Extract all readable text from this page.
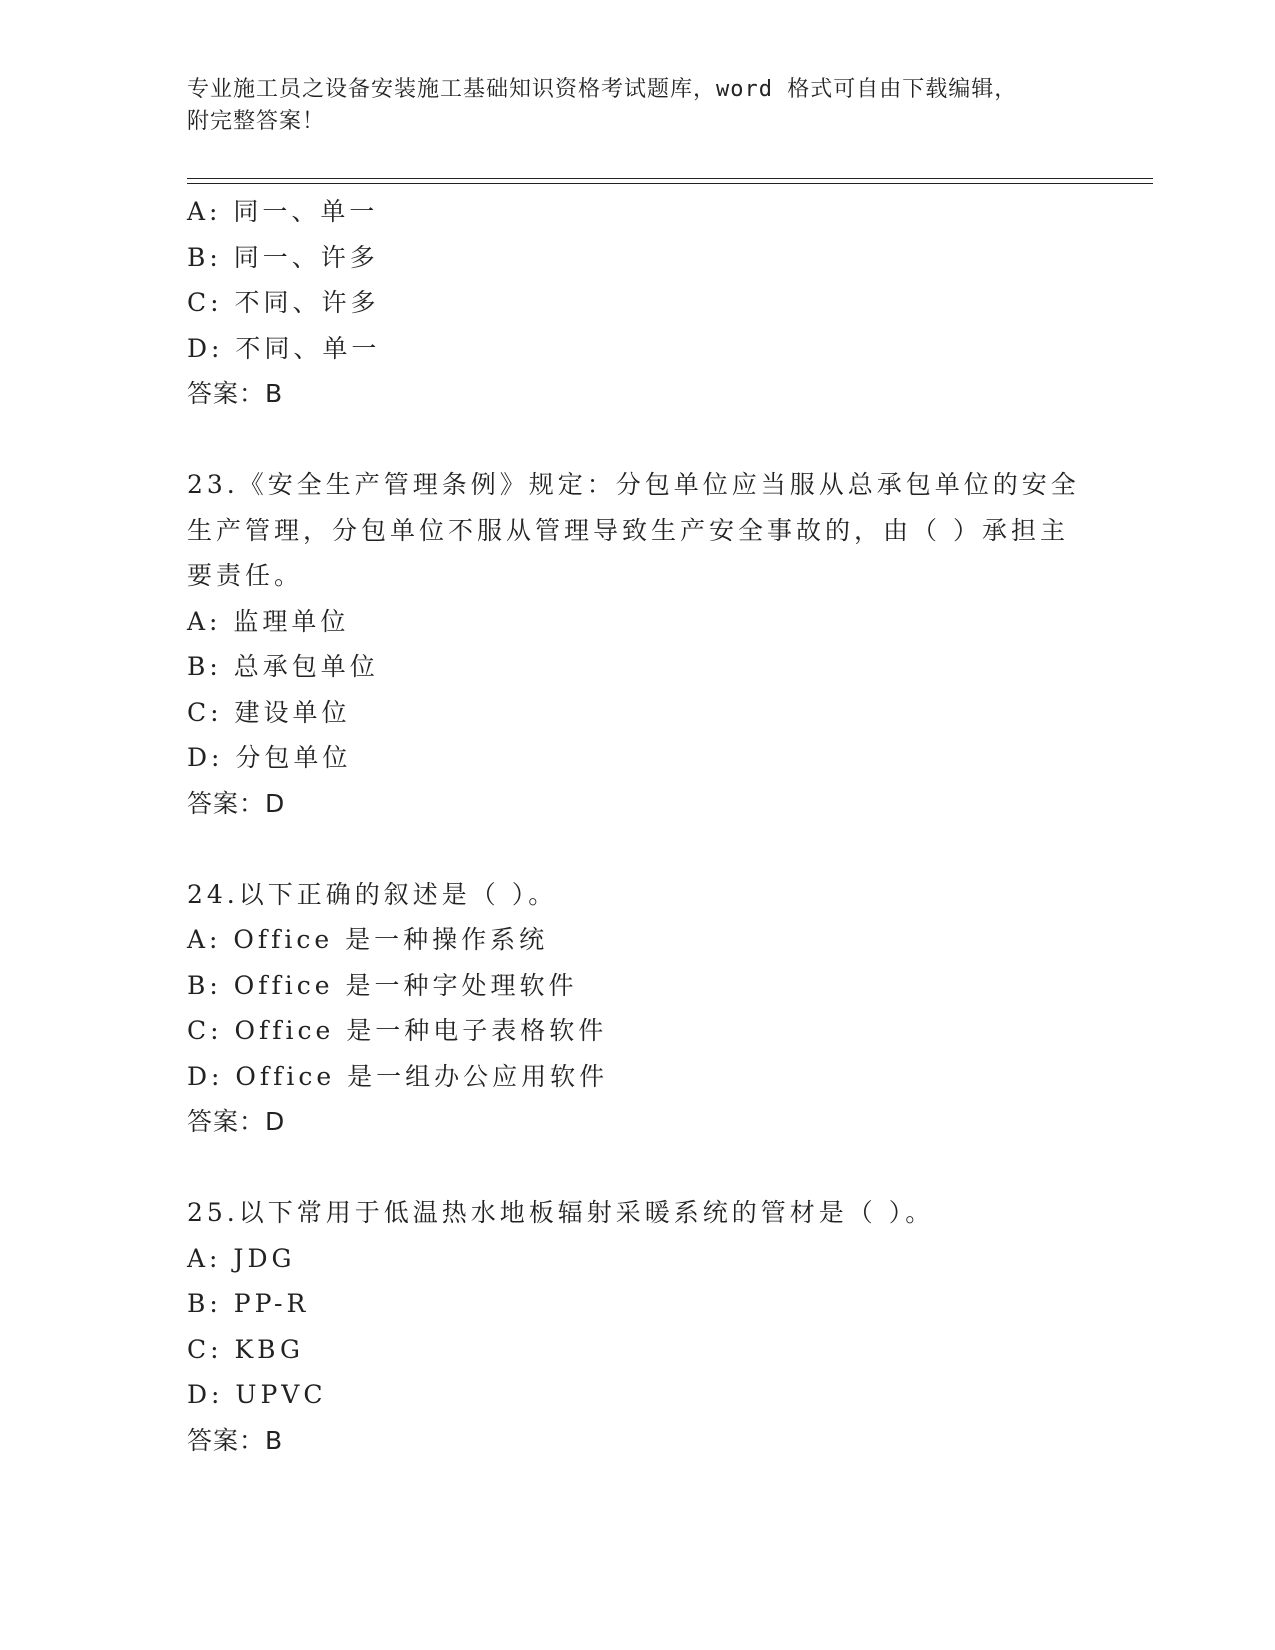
专业施工员之设备安装施工基础知识资格考试题库，word 格式可自由下载编辑，
附完整答案！
A: 同一、单一
B: 同一、许多
C: 不同、许多
D: 不同、单一
答案：B
23.《安全生产管理条例》规定：分包单位应当服从总承包单位的安全
生产管理，分包单位不服从管理导致生产安全事故的，由（ ）承担主
要责任。
A: 监理单位
B: 总承包单位
C: 建设单位
D: 分包单位
答案：D
24.以下正确的叙述是（ ）。
A: Office 是一种操作系统
B: Office 是一种字处理软件
C: Office 是一种电子表格软件
D: Office 是一组办公应用软件
答案：D
25.以下常用于低温热水地板辐射采暖系统的管材是（ ）。
A: JDG
B: PP-R
C: KBG
D: UPVC
答案：B
